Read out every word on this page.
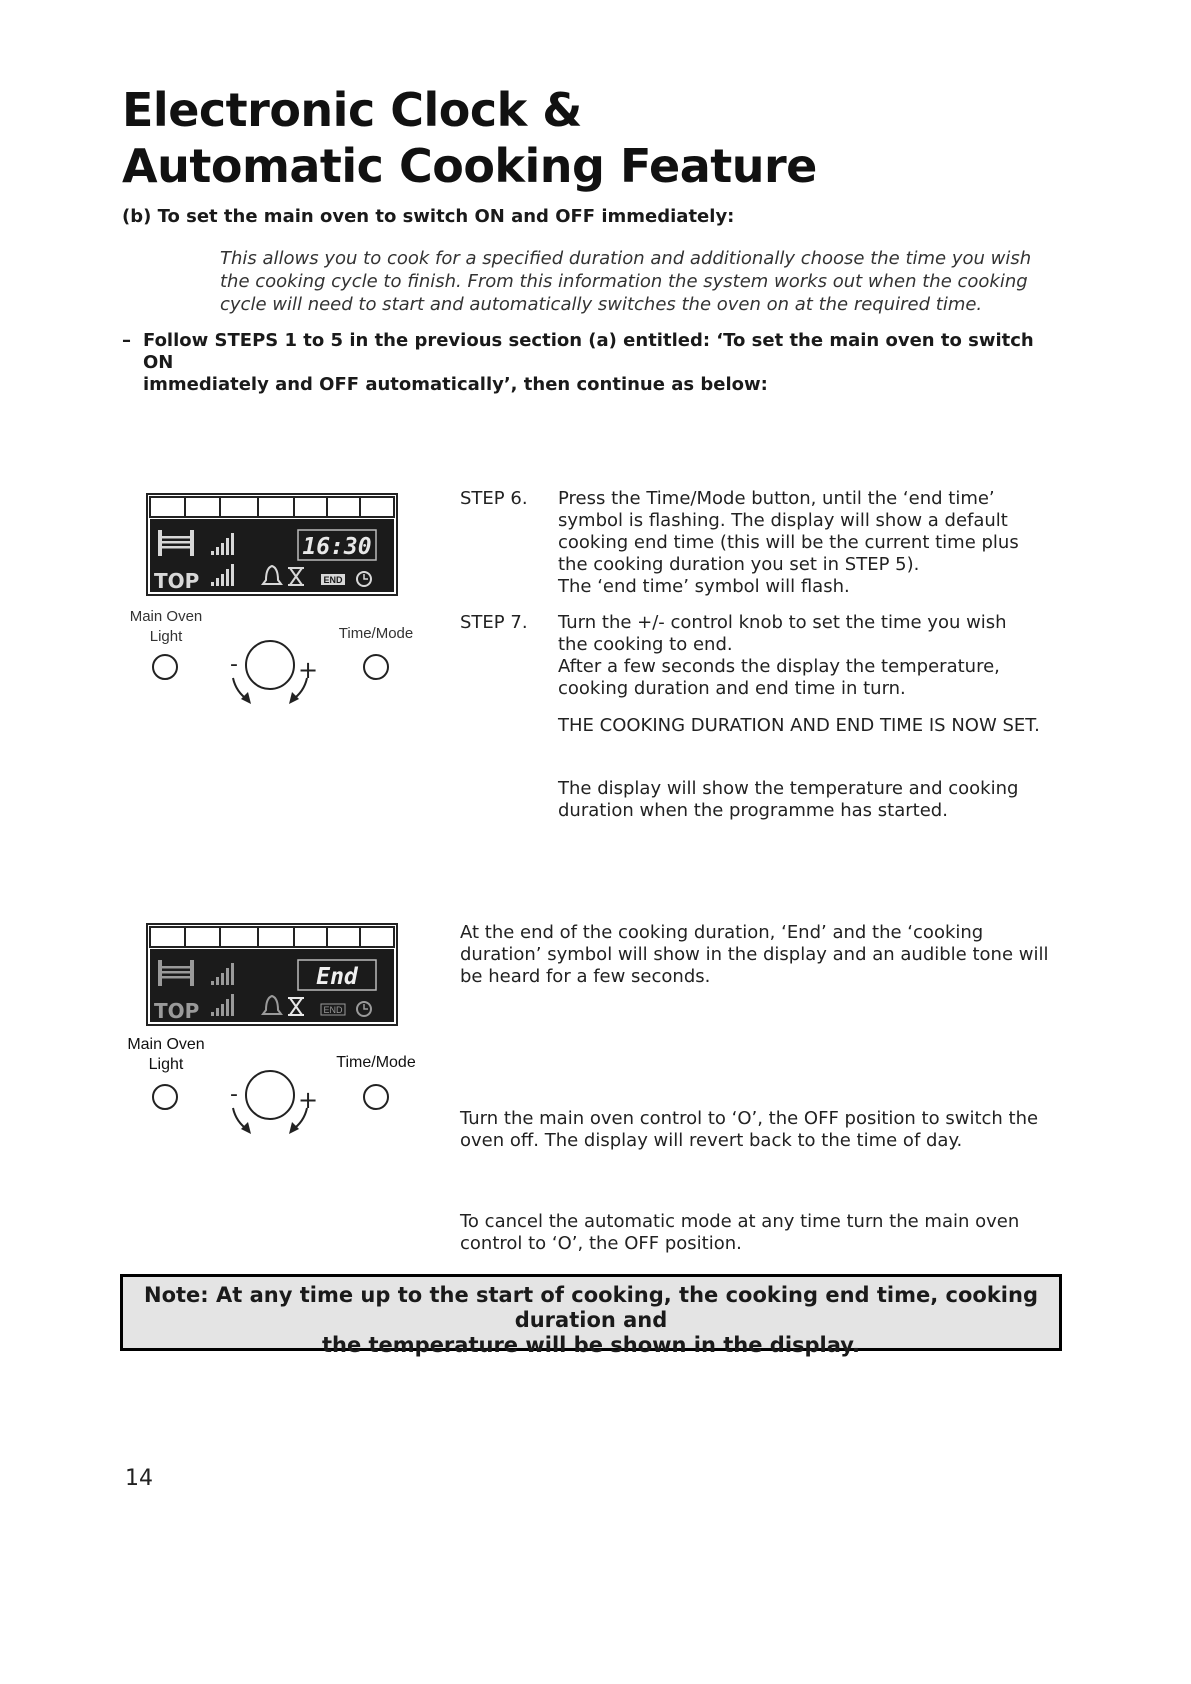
Electronic Clock &
Automatic Cooking Feature
(b) To set the main oven to switch ON and OFF immediately:
This allows you to cook for a specified duration and additionally choose the time you wish
the cooking cycle to finish. From this information the system works out when the cooking
cycle will need to start and automatically switches the oven on at the required time.
– Follow STEPS 1 to 5 in the previous section (a) entitled: ‘To set the main oven to switch ON
immediately and OFF automatically’, then continue as below:
16:30
TOP	END
-	+
Main Oven
Light	Time/Mode
STEP 6. Press the Time/Mode button, until the ‘end time’
symbol is flashing. The display will show a default
cooking end time (this will be the current time plus
the cooking duration you set in STEP 5).
The ‘end time’ symbol will flash.
STEP 7. Turn the +/- control knob to set the time you wish
the cooking to end.
After a few seconds the display the temperature,
cooking duration and end time in turn.
THE COOKING DURATION AND END TIME IS NOW SET.
The display will show the temperature and cooking
duration when the programme has started.
End
TOP	END
-	+
Main Oven
Light	Time/Mode
At the end of the cooking duration, ‘End’ and the ‘cooking
duration’ symbol will show in the display and an audible tone will
be heard for a few seconds.
Turn the main oven control to ‘O’, the OFF position to switch the
oven off. The display will revert back to the time of day.
To cancel the automatic mode at any time turn the main oven
control to ‘O’, the OFF position.
Note: At any time up to the start of cooking, the cooking end time, cooking duration and
the temperature will be shown in the display.
14
